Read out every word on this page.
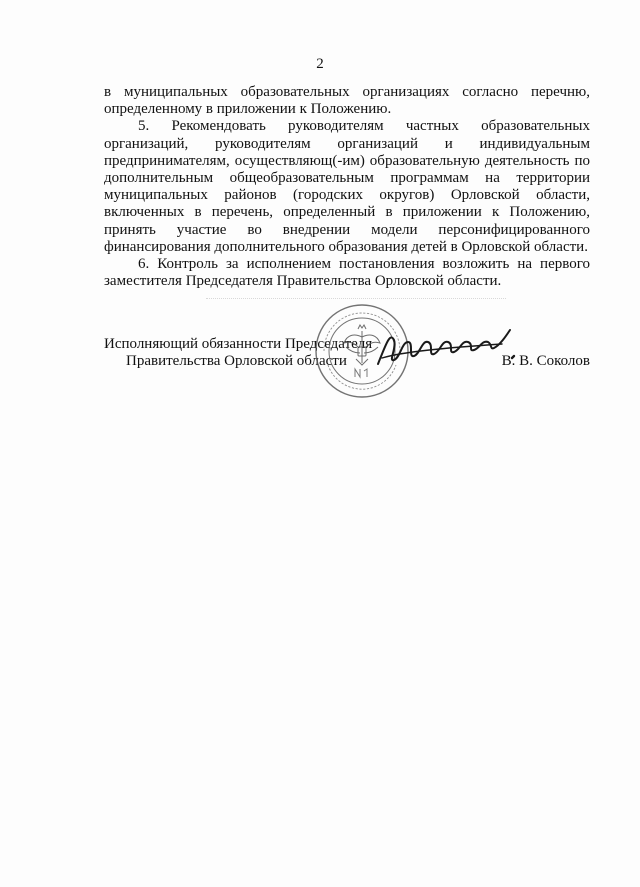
2

в муниципальных образовательных организациях согласно перечню, определенному в приложении к Положению.

5. Рекомендовать руководителям частных образовательных организаций, руководителям организаций и индивидуальным предпринимателям, осуществляющ(-им) образовательную деятельность по дополнительным общеобразовательным программам на территории муниципальных районов (городских округов) Орловской области, включенных в перечень, определенный в приложении к Положению, принять участие во внедрении модели персонифицированного финансирования дополнительного образования детей в Орловской области.

6. Контроль за исполнением постановления возложить на первого заместителя Председателя Правительства Орловской области.

Исполняющий обязанности Председателя
Правительства Орловской области	В. В. Соколов
